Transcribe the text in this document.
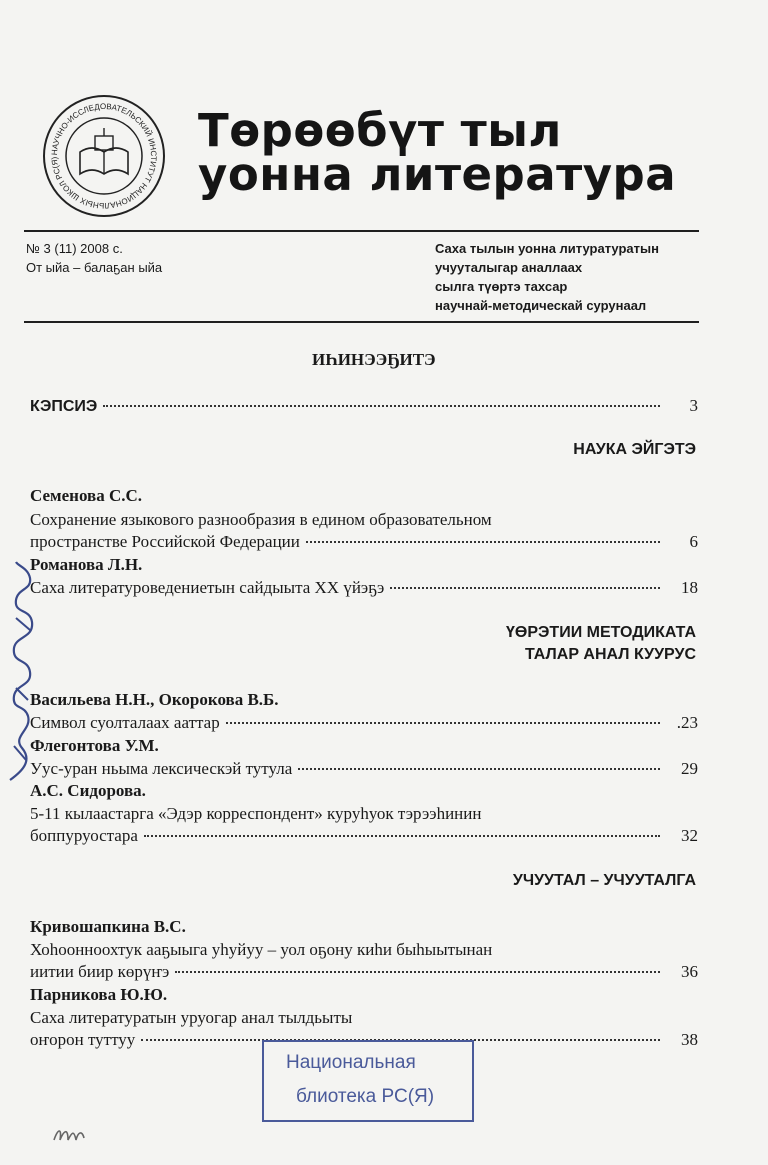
НАУЧНО-ИССЛЕДОВАТЕЛЬСКИЙ ИНСТИТУТ НАЦИОНАЛЬНЫХ ШКОЛ РС(Я)
Төрөөбүт тыл
уонна литература
№ 3 (11) 2008 с.
От ыйа – балаҕан ыйа
Саха тылын уонна литуратуратын
учууталыгар аналлаах
сылга түөртэ тахсар
научнай-методическай сурунаал
ИҺИНЭЭҔИТЭ
КЭПСИЭ	3
НАУКА ЭЙГЭТЭ
Семенова С.С.
Сохранение языкового разнообразия в едином образовательном
пространстве Российской Федерации	6
Романова Л.Н.
Саха литературоведениетын сайдыыта ХХ үйэҕэ	18
ҮӨРЭТИИ МЕТОДИКАТА
ТАЛАР АНАЛ КУУРУС
Васильева Н.Н., Окорокова В.Б.
Символ суолталаах ааттар	.23
Флегонтова У.М.
Уус-уран ньыма лексическэй тутула	29
А.С. Сидорова.
5-11 кылаастарга «Эдэр корреспондент» куруһуок тэрээһинин
боппуруостара	32
УЧУУТАЛ – УЧУУТАЛГА
Кривошапкина В.С.
Хоһоонноохтук ааҕыыга уһуйуу – уол оҕону киһи быһыытынан
иитии биир көрүҥэ	36
Парникова Ю.Ю.
Саха литературатын уруогар анал тылдьыты
оҥорон туттуу	38
Национальная
блиотека РС(Я)
